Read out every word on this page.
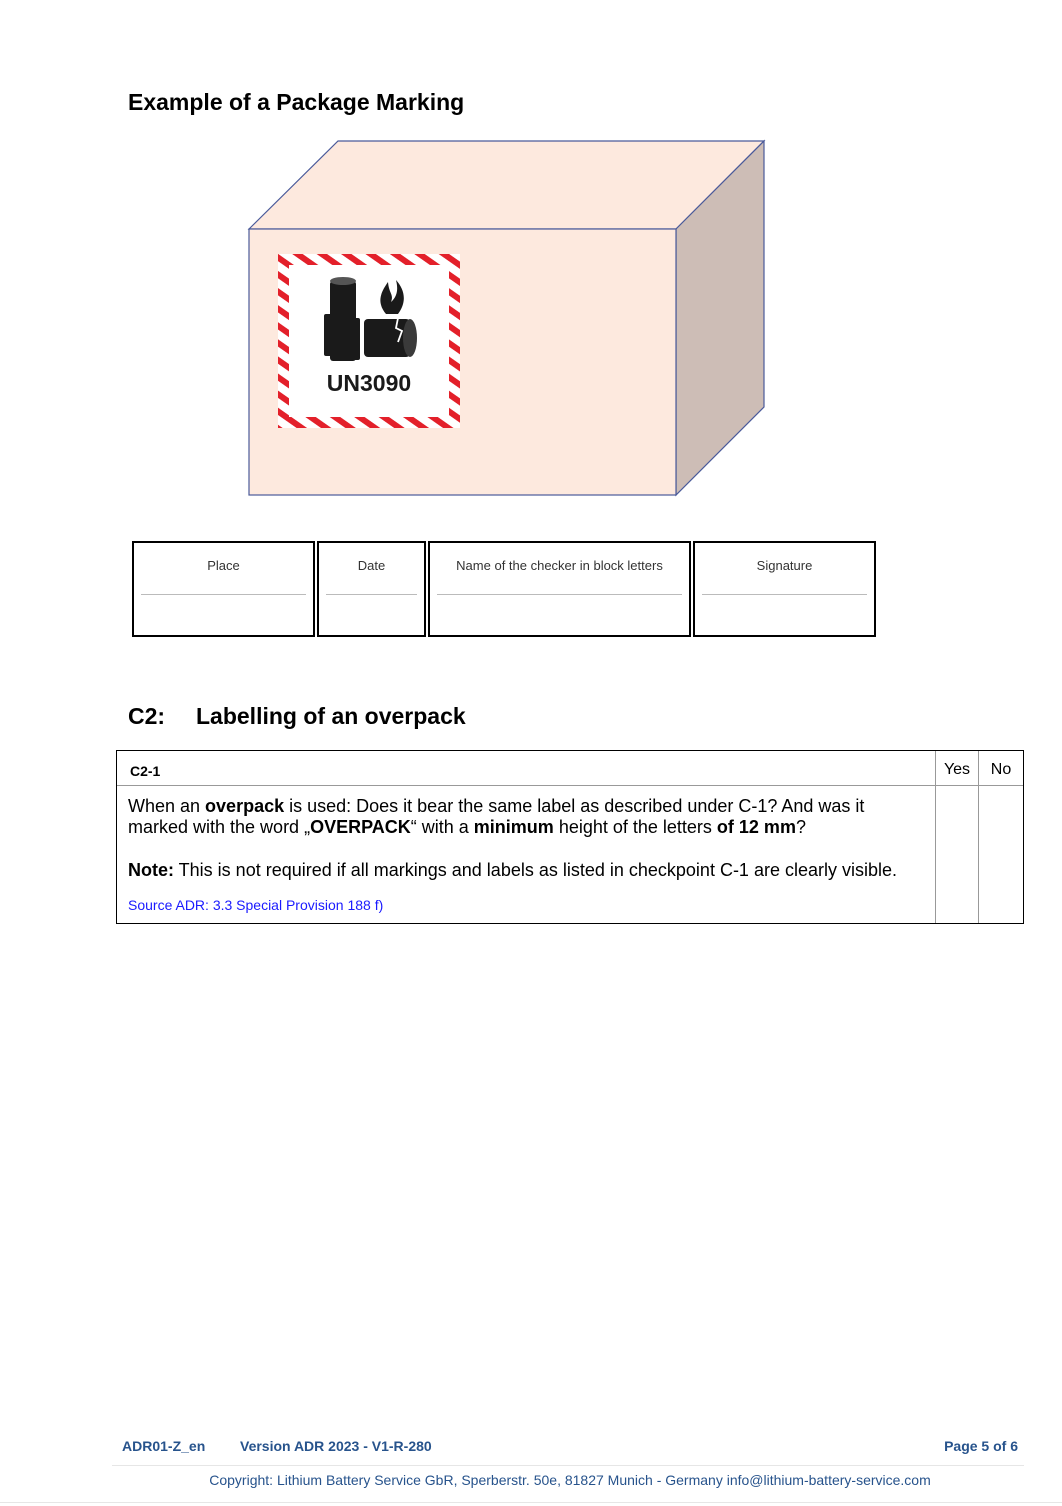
Example of a Package Marking
UN3090
Place	Date	Name of the checker in block letters	Signature
C2: Labelling of an overpack
C2-1	Yes	No

When an overpack is used: Does it bear the same label as described under C-1? And was it marked with the word „OVERPACK“ with a minimum height of the letters of 12 mm?

Note: This is not required if all markings and labels as listed in checkpoint C-1 are clearly visible.

Source ADR: 3.3 Special Provision 188 f)
ADR01-Z_en Version ADR 2023 - V1-R-280	Page 5 of 6
Copyright: Lithium Battery Service GbR, Sperberstr. 50e, 81827 Munich - Germany info@lithium-battery-service.com
